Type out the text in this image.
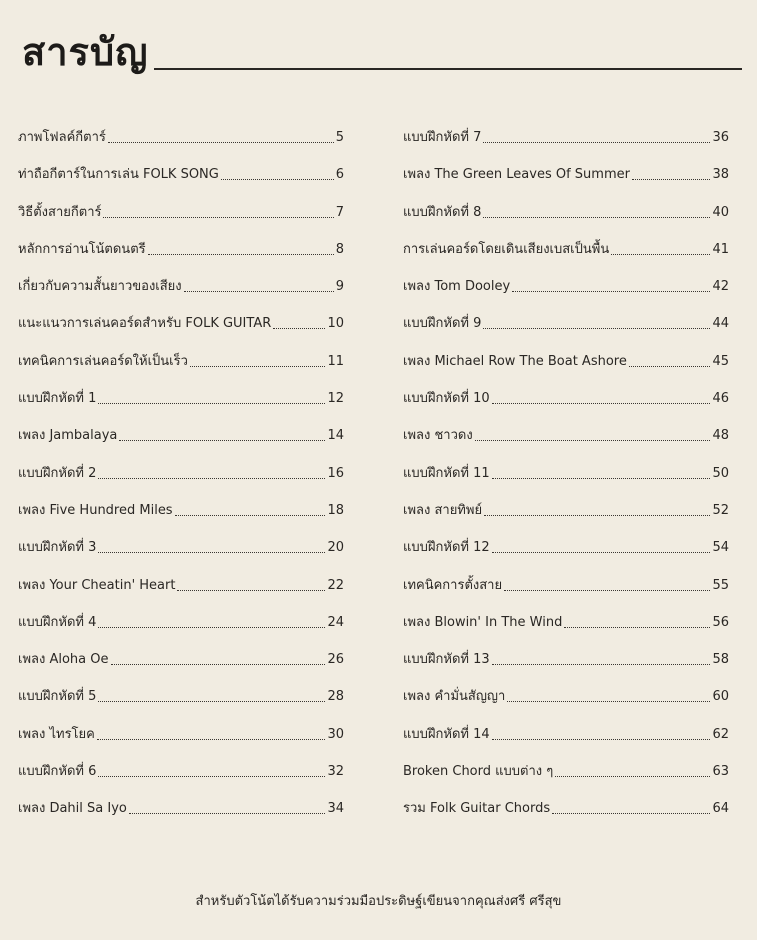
สารบัญ
ภาพโฟลค์กีตาร์	5
ท่าถือกีตาร์ในการเล่น FOLK SONG	6
วิธีตั้งสายกีตาร์	7
หลักการอ่านโน้ตดนตรี	8
เกี่ยวกับความสั้นยาวของเสียง	9
แนะแนวการเล่นคอร์ดสำหรับ FOLK GUITAR	10
เทคนิคการเล่นคอร์ดให้เป็นเร็ว	11
แบบฝึกหัดที่ 1	12
เพลง Jambalaya	14
แบบฝึกหัดที่ 2	16
เพลง Five Hundred Miles	18
แบบฝึกหัดที่ 3	20
เพลง Your Cheatin' Heart	22
แบบฝึกหัดที่ 4	24
เพลง Aloha Oe	26
แบบฝึกหัดที่ 5	28
เพลง ไทรโยค	30
แบบฝึกหัดที่ 6	32
เพลง Dahil Sa Iyo	34
แบบฝึกหัดที่ 7	36
เพลง The Green Leaves Of Summer	38
แบบฝึกหัดที่ 8	40
การเล่นคอร์ดโดยเดินเสียงเบสเป็นพื้น	41
เพลง Tom Dooley	42
แบบฝึกหัดที่ 9	44
เพลง Michael Row The Boat Ashore	45
แบบฝึกหัดที่ 10	46
เพลง ชาวดง	48
แบบฝึกหัดที่ 11	50
เพลง สายทิพย์	52
แบบฝึกหัดที่ 12	54
เทคนิคการตั้งสาย	55
เพลง Blowin' In The Wind	56
แบบฝึกหัดที่ 13	58
เพลง คำมั่นสัญญา	60
แบบฝึกหัดที่ 14	62
Broken Chord แบบต่าง ๆ	63
รวม Folk Guitar Chords	64
สำหรับตัวโน้ตได้รับความร่วมมือประดิษฐ์เขียนจากคุณส่งศรี ศรีสุข
